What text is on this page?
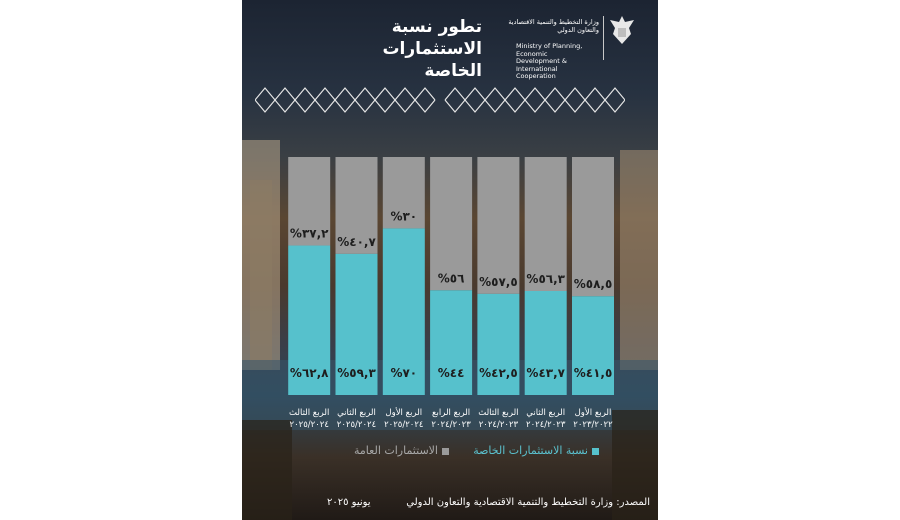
وزارة التخطيط والتنمية الاقتصادية
والتعاون الدولي
Ministry of Planning, Economic
Development & International
Cooperation
تطور نسبة
الاستثمارات الخاصة
%٥٨,٥
%٤١,٥
الربع الأول
٢٠٢٣/٢٠٢٢
%٥٦,٣
%٤٣,٧
الربع الثاني
٢٠٢٤/٢٠٢٣
%٥٧,٥
%٤٢,٥
الربع الثالث
٢٠٢٤/٢٠٢٣
%٥٦
%٤٤
الربع الرابع
٢٠٢٤/٢٠٢٣
%٣٠
%٧٠
الربع الأول
٢٠٢٥/٢٠٢٤
%٤٠,٧
%٥٩,٣
الربع الثاني
٢٠٢٥/٢٠٢٤
%٣٧,٢
%٦٢,٨
الربع الثالث
٢٠٢٥/٢٠٢٤
نسبة الاستثمارات الخاصة
الاستثمارات العامة
المصدر: وزارة التخطيط والتنمية الاقتصادية والتعاون الدولي
يونيو ٢٠٢٥
